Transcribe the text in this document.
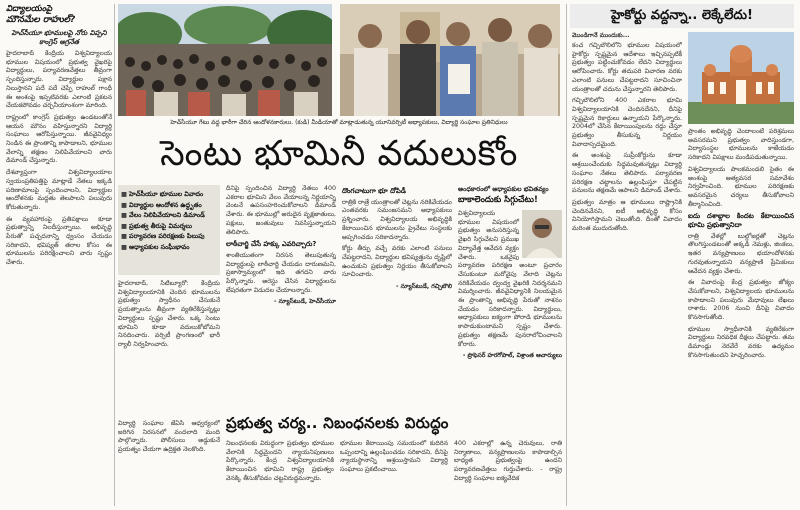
విద్యాలయంపై
మౌనమేల రాహుల్?
హెచ్‌సీయూ భూములపై నోరు విప్పని కాంగ్రెస్ అగ్రనేత

హైదరాబాద్ కేంద్రీయ విశ్వవిద్యాలయ భూముల విషయంలో ప్రభుత్వ వైఖరిపై విద్యార్థులు, పర్యావరణవేత్తలు తీవ్రంగా స్పందిస్తున్నారు. విద్యార్థుల పక్షాన నిలుస్తానని పదే పదే చెప్పే రాహుల్ గాంధీ ఈ అంశంపై ఇప్పటివరకు ఎలాంటి ప్రకటన చేయకపోవడం చర్చనీయాంశంగా మారింది.

రాష్ట్రంలో కాంగ్రెస్ ప్రభుత్వం ఉండటంతోనే ఆయన మౌనం వహిస్తున్నారని విద్యార్థి సంఘాలు ఆరోపిస్తున్నాయి. జీవవైవిధ్యం నిండిన ఈ ప్రాంతాన్ని కాపాడాలని, భూముల వేలాన్ని తక్షణం నిలిపివేయాలని వారు డిమాండ్ చేస్తున్నారు.

దేశవ్యాప్తంగా విశ్వవిద్యాలయాల స్వయంప్రతిపత్తిపై మాట్లాడే నేతలు ఇక్కడి పరిణామాలపై స్పందించాలని, విద్యార్థుల ఆందోళనకు మద్దతు తెలపాలని పలువురు కోరుతున్నారు.

ఈ వ్యవహారంపై ప్రతిపక్షాలు కూడా ప్రభుత్వాన్ని నిలదీస్తున్నాయి. అభివృద్ధి పేరుతో పచ్చదనాన్ని ధ్వంసం చేయడం సరికాదని, భవిష్యత్ తరాల కోసం ఈ భూములను పరిరక్షించాలని వారు స్పష్టం చేశారు.

హెచ్‌సీయూ గేటు వద్ద భారీగా చేరిన ఆందోళనకారులు. (కుడి) మీడియాతో మాట్లాడుతున్న యూనివర్సిటీ అధ్యాపకులు, విద్యార్థి సంఘాల ప్రతినిధులు
సెంటు భూమినీ వదులుకోం
■ హెచ్‌సీయూ భూముల వివాదం
■ విద్యార్థుల ఆందోళన ఉద్ధృతం
■ వేలం నిలిపివేయాలని డిమాండ్
■ ప్రభుత్వ తీరుపై విమర్శలు
■ పర్యావరణ పరిరక్షణకు పిలుపు
■ అధ్యాపకుల సంఘీభావం

హైదరాబాద్, సిటీబ్యూరో: కేంద్రీయ విశ్వవిద్యాలయానికి చెందిన భూములను ప్రభుత్వం స్వాధీనం చేసుకునే ప్రయత్నాలను తీవ్రంగా వ్యతిరేకిస్తున్నట్లు విద్యార్థులు స్పష్టం చేశారు. ఒక్క సెంటు భూమిని కూడా వదులుకోబోమని నినదించారు. వర్సిటీ ప్రాంగణంలో భారీ ర్యాలీ నిర్వహించారు.

విద్యార్థి సంఘాల జేఏసీ ఆధ్వర్యంలో జరిగిన నిరసనలో వందలాది మంది పాల్గొన్నారు. పోలీసులు అడ్డుకునే ప్రయత్నం చేయగా ఉద్రిక్తత నెలకొంది.

దీనిపై స్పందించిన విద్యార్థి నేతలు 400 ఎకరాల భూమిని వేలం వేయాలన్న నిర్ణయాన్ని వెంటనే ఉపసంహరించుకోవాలని డిమాండ్ చేశారు. ఈ భూముల్లో అరుదైన వృక్షజాతులు, పక్షులు, జంతువులు నివసిస్తున్నాయని తెలిపారు.

లాఠీచార్జి చేసే హక్కు ఎవరిచ్చారు?

శాంతియుతంగా నిరసన తెలుపుతున్న విద్యార్థులపై లాఠీచార్జి చేయడం దారుణమని, ప్రజాస్వామ్యంలో ఇది తగదని వారు పేర్కొన్నారు. అరెస్టు చేసిన విద్యార్థులను బేషరతుగా విడుదల చేయాలన్నారు.

- న్యూస్‌టుడే, హెచ్‌సీయూ
దొంగచాటుగా భూ దోపిడీ

రాత్రికి రాత్రే యంత్రాలతో చెట్లను నరికివేయడం ఎంతవరకు సమంజసమని అధ్యాపకులు ప్రశ్నించారు. విశ్వవిద్యాలయ అభివృద్ధికి కేటాయించిన భూములను ప్రైవేటు సంస్థలకు అప్పగించడం సరికాదన్నారు.

కోర్టు తీర్పు వచ్చే వరకు ఎలాంటి పనులు చేపట్టరాదని, విద్యార్థుల భవిష్యత్తును దృష్టిలో ఉంచుకుని ప్రభుత్వం నిర్ణయం తీసుకోవాలని సూచించారు.

- న్యూస్‌టుడే, గచ్చిబౌలి
అంధకారంలో అధ్యాపకుల భవితవ్యం
బాకాలెందుకు సిగ్గుచేటు!

విశ్వవిద్యాలయ భూముల విషయంలో ప్రభుత్వం అనుసరిస్తున్న వైఖరి సిగ్గుచేటని ప్రముఖ విద్యావేత్త ఆవేదన వ్యక్తం చేశారు. ఒకవైపు పర్యావరణ పరిరక్షణ అంటూ ప్రచారం చేసుకుంటూ మరోవైపు వేలాది చెట్లను నరికివేయడం ద్వంద్వ వైఖరికి నిదర్శనమని విమర్శించారు. జీవవైవిధ్యానికి నిలయమైన ఈ ప్రాంతాన్ని అభివృద్ధి పేరుతో నాశనం చేయడం సరికాదన్నారు. విద్యార్థులు, అధ్యాపకులు ఐక్యంగా పోరాడి భూములను కాపాడుకుంటామని స్పష్టం చేశారు. ప్రభుత్వం తక్షణమే పునరాలోచించాలని కోరారు.

- ప్రొఫెసర్ హరగోపాల్, విశ్రాంత ఆచార్యులు
ప్రభుత్వ చర్య.. నిబంధనలకు విరుద్ధం
నిబంధనలకు విరుద్ధంగా ప్రభుత్వం భూముల వేలానికి సిద్ధమైందని న్యాయనిపుణులు పేర్కొన్నారు. కేంద్ర విశ్వవిద్యాలయానికి కేటాయించిన భూమిని రాష్ట్ర ప్రభుత్వం వెనక్కి తీసుకోవడం చట్టవిరుద్ధమన్నారు.
భూముల కేటాయింపు సమయంలో కుదిరిన ఒప్పందాన్ని ఉల్లంఘించడం సరికాదని, దీనిపై న్యాయస్థానాన్ని ఆశ్రయిస్తామని విద్యార్థి సంఘాలు ప్రకటించాయి.
400 ఎకరాల్లో ఉన్న చెరువులు, రాతి నిర్మాణాలు, వన్యప్రాణులను కాపాడాల్సిన బాధ్యత ప్రభుత్వంపై ఉందని పర్యావరణవేత్తలు గుర్తుచేశారు. - రాష్ట్ర విద్యార్థి సంఘాల ఐక్యవేదిక
హైకోర్టు వద్దన్నా.. లెక్కేలేదు!
మొండిగానే ముందుకు...

కంచ గచ్చిబౌలిలోని భూముల విషయంలో హైకోర్టు స్పష్టమైన ఆదేశాలు ఇచ్చినప్పటికీ ప్రభుత్వం పట్టించుకోవడం లేదని విద్యార్థులు ఆరోపించారు. కోర్టు తదుపరి విచారణ వరకు ఎలాంటి పనులు చేపట్టరాదని సూచించినా యంత్రాలతో చదును చేస్తున్నారని తెలిపారు.

గచ్చిబౌలిలోని 400 ఎకరాల భూమి విశ్వవిద్యాలయానికి చెందినదేనని, దీనిపై స్పష్టమైన రికార్డులు ఉన్నాయని పేర్కొన్నారు. 2004లో చేసిన కేటాయింపులను రద్దు చేస్తూ ప్రభుత్వం తీసుకున్న నిర్ణయం వివాదాస్పదమైంది.

ఈ అంశంపై సుప్రీంకోర్టును కూడా ఆశ్రయించేందుకు సిద్ధమవుతున్నట్లు విద్యార్థి సంఘాల నేతలు తెలిపారు. పర్యావరణ పరిరక్షణ చట్టాలను ఉల్లంఘిస్తూ చేపట్టిన పనులను తక్షణమే ఆపాలని డిమాండ్ చేశారు.

ప్రభుత్వం మాత్రం ఆ భూములు రాష్ట్రానికి చెందినవేనని, ఐటీ అభివృద్ధి కోసం వినియోగిస్తామని చెబుతోంది. దీంతో వివాదం మరింత ముదురుతోంది.

ప్రాంతం అభివృద్ధి చెందాలంటే పరిశ్రమలు అవసరమని ప్రభుత్వం వాదిస్తుండగా, విద్యాసంస్థల భూములను కాజేయడం సరికాదని విపక్షాలు మండిపడుతున్నాయి.

విశ్వవిద్యాలయ పాలకమండలి సైతం ఈ అంశంపై అత్యవసర సమావేశం నిర్వహించింది. భూముల పరిరక్షణకు అవసరమైన చర్యలు తీసుకోవాలని తీర్మానించింది.

ఐదు దశాబ్దాల కిందట కేటాయించిన భూమి ప్రభుత్వానిదా

రాత్రి వేళల్లో బుల్డోజర్లతో చెట్లను తొలగిస్తుండటంతో అక్కడి నెమళ్లు, జింకలు, ఇతర వన్యప్రాణులు భయాందోళనకు గురవుతున్నాయని వన్యప్రాణి ప్రేమికులు ఆవేదన వ్యక్తం చేశారు.

ఈ వివాదంపై కేంద్ర ప్రభుత్వం జోక్యం చేసుకోవాలని, విశ్వవిద్యాలయ భూములను కాపాడాలని పలువురు మేధావులు లేఖలు రాశారు. 2006 నుంచి దీనిపై వివాదం కొనసాగుతోంది.

భూముల స్వాధీనానికి వ్యతిరేకంగా విద్యార్థులు నిరవధిక దీక్షలు చేపట్టారు. తమ డిమాండ్లు నెరవేరే వరకు ఉద్యమం కొనసాగుతుందని హెచ్చరించారు.
